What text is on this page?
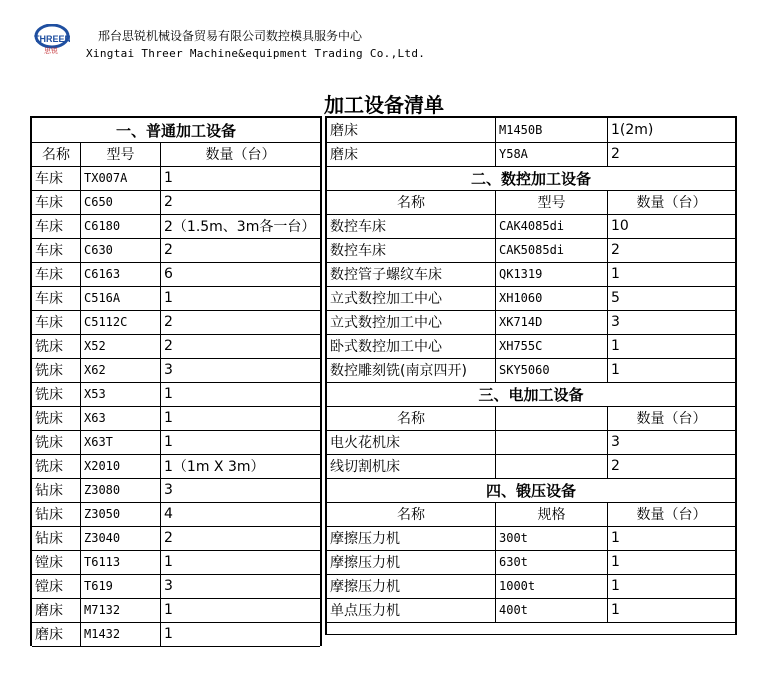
THREEN
思锐
邢台思锐机械设备贸易有限公司数控模具服务中心
Xingtai Threer Machine&equipment Trading Co.,Ltd.
加工设备清单
一、普通加工设备
名称	型号	数量（台）
车床	TX007A	1
车床	C650	2
车床	C6180	2（1.5m、3m各一台）
车床	C630	2
车床	C6163	6
车床	C516A	1
车床	C5112C	2
铣床	X52	2
铣床	X62	3
铣床	X53	1
铣床	X63	1
铣床	X63T	1
铣床	X2010	1（1m X 3m）
钻床	Z3080	3
钻床	Z3050	4
钻床	Z3040	2
镗床	T6113	1
镗床	T619	3
磨床	M7132	1
磨床	M1432	1
磨床	M1450B	1(2m)
磨床	Y58A	2
二、数控加工设备
名称	型号	数量（台）
数控车床	CAK4085di	10
数控车床	CAK5085di	2
数控管子螺纹车床	QK1319	1
立式数控加工中心	XH1060	5
立式数控加工中心	XK714D	3
卧式数控加工中心	XH755C	1
数控雕刻铣(南京四开)	SKY5060	1
三、电加工设备
名称	数量（台）
电火花机床	3
线切割机床	2
四、锻压设备
名称	规格	数量（台）
摩擦压力机	300t	1
摩擦压力机	630t	1
摩擦压力机	1000t	1
单点压力机	400t	1
